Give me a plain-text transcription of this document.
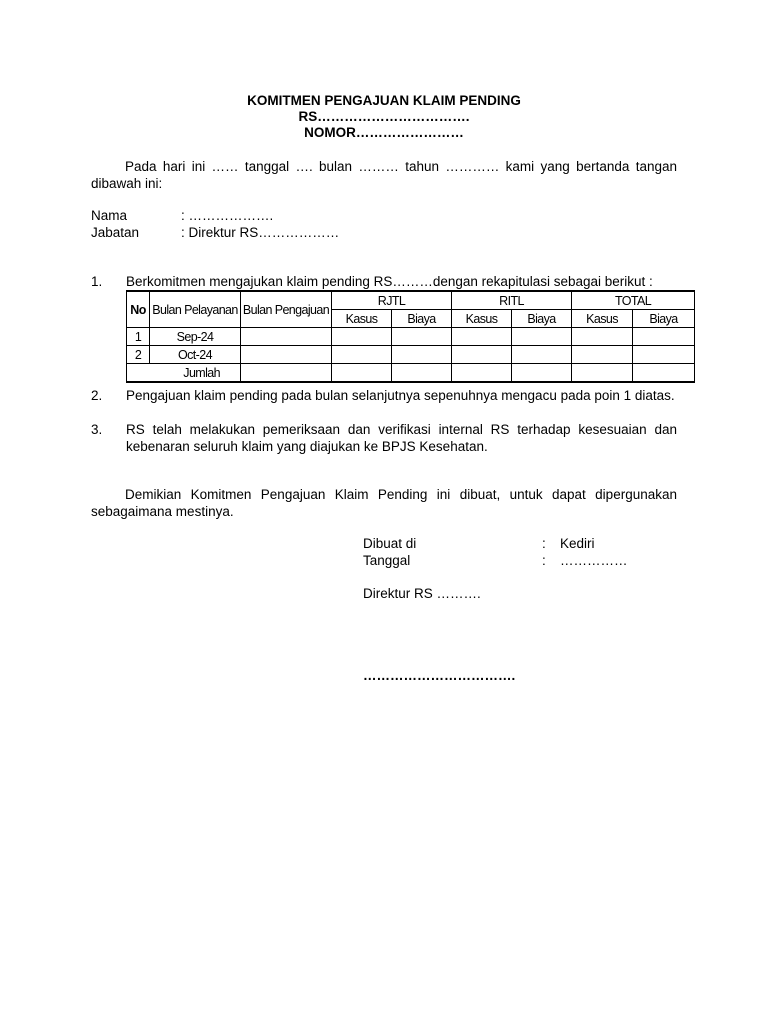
KOMITMEN PENGAJUAN KLAIM PENDING
RS…………………………….
NOMOR……………………
Pada hari ini …… tanggal …. bulan ……… tahun ………… kami yang bertanda tangan dibawah ini:
Nama	: ……………….
Jabatan	: Direktur RS………………
1. Berkomitmen mengajukan klaim pending RS………dengan rekapitulasi sebagai berikut :
No	Bulan Pelayanan	Bulan Pengajuan	RJTL		RITL		TOTAL	
			Kasus	Biaya	Kasus	Biaya	Kasus	Biaya
1	Sep-24							
2	Oct-24							
Jumlah								
2. Pengajuan klaim pending pada bulan selanjutnya sepenuhnya mengacu pada poin 1 diatas.
3. RS telah melakukan pemeriksaan dan verifikasi internal RS terhadap kesesuaian dan kebenaran seluruh klaim yang diajukan ke BPJS Kesehatan.
Demikian Komitmen Pengajuan Klaim Pending ini dibuat, untuk dapat dipergunakan sebagaimana mestinya.
Dibuat di	: Kediri
Tanggal	: ……………
Direktur RS ……….
…………………………….
